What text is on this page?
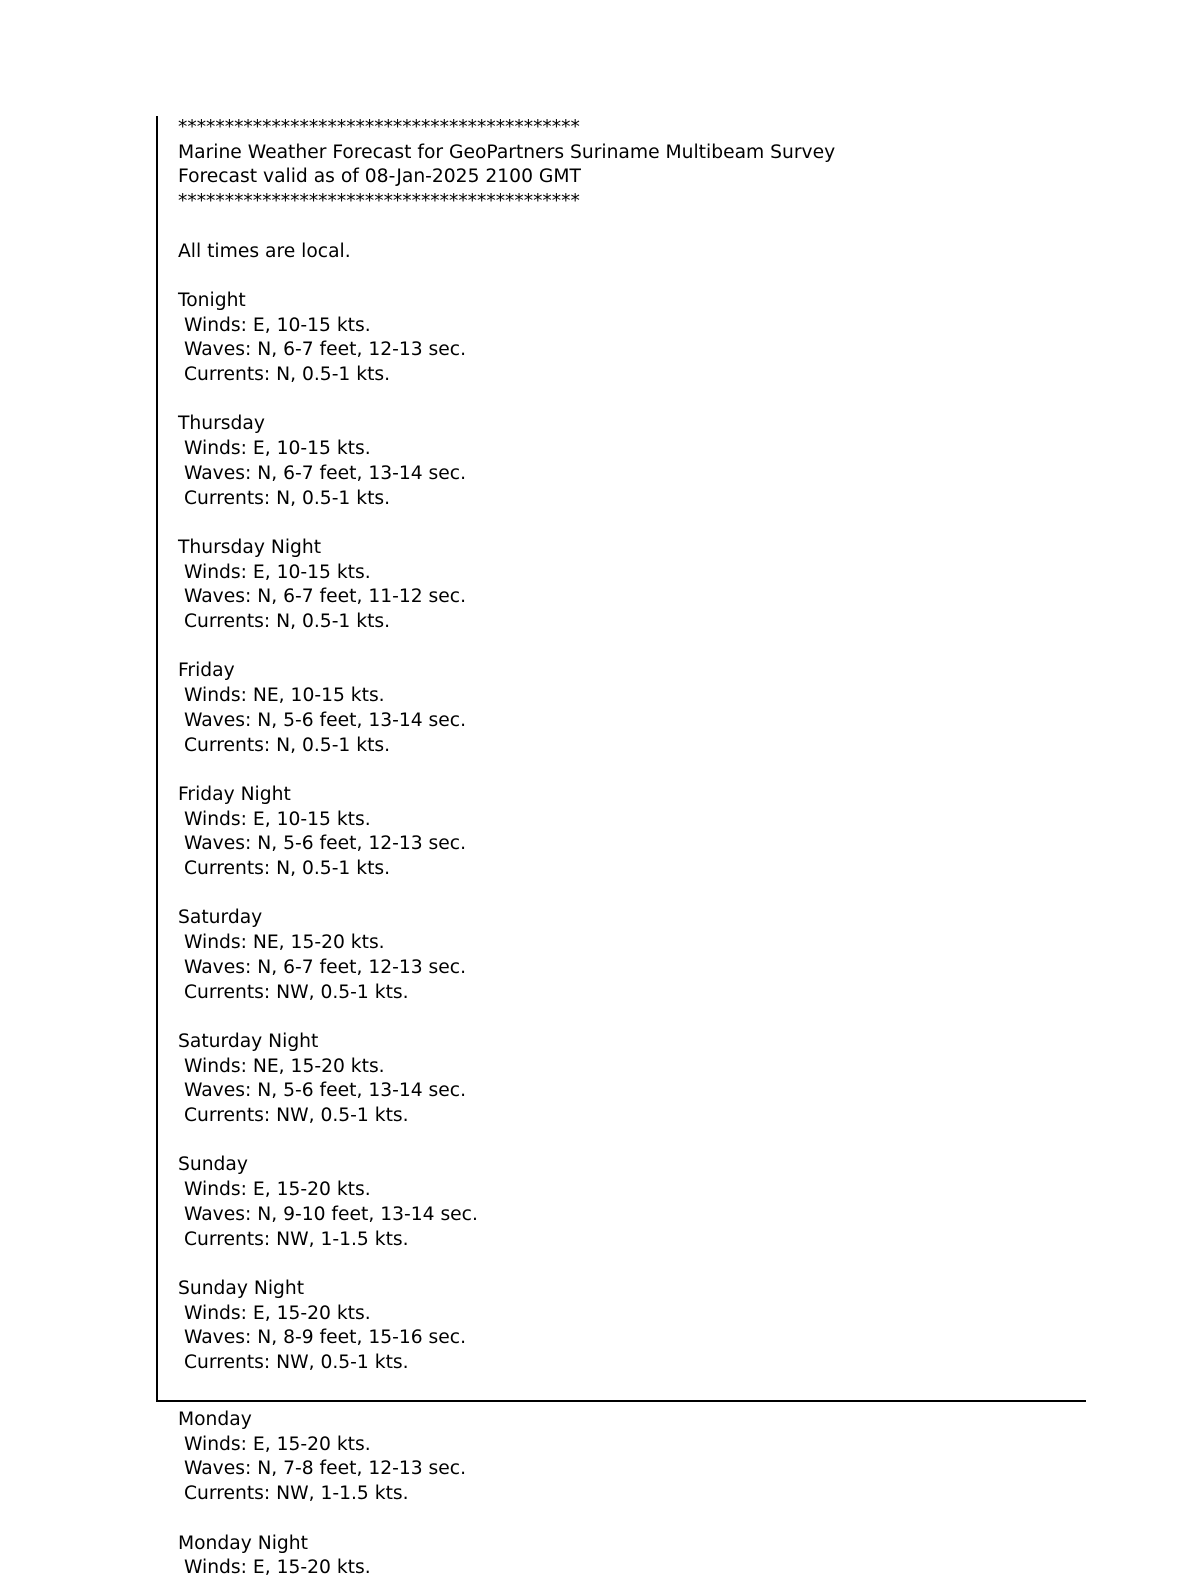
*******************************************
Marine Weather Forecast for GeoPartners Suriname Multibeam Survey
Forecast valid as of 08-Jan-2025 2100 GMT
*******************************************
All times are local.
Tonight
Winds: E, 10-15 kts.
Waves: N, 6-7 feet, 12-13 sec.
Currents: N, 0.5-1 kts.
Thursday
Winds: E, 10-15 kts.
Waves: N, 6-7 feet, 13-14 sec.
Currents: N, 0.5-1 kts.
Thursday Night
Winds: E, 10-15 kts.
Waves: N, 6-7 feet, 11-12 sec.
Currents: N, 0.5-1 kts.
Friday
Winds: NE, 10-15 kts.
Waves: N, 5-6 feet, 13-14 sec.
Currents: N, 0.5-1 kts.
Friday Night
Winds: E, 10-15 kts.
Waves: N, 5-6 feet, 12-13 sec.
Currents: N, 0.5-1 kts.
Saturday
Winds: NE, 15-20 kts.
Waves: N, 6-7 feet, 12-13 sec.
Currents: NW, 0.5-1 kts.
Saturday Night
Winds: NE, 15-20 kts.
Waves: N, 5-6 feet, 13-14 sec.
Currents: NW, 0.5-1 kts.
Sunday
Winds: E, 15-20 kts.
Waves: N, 9-10 feet, 13-14 sec.
Currents: NW, 1-1.5 kts.
Sunday Night
Winds: E, 15-20 kts.
Waves: N, 8-9 feet, 15-16 sec.
Currents: NW, 0.5-1 kts.
Monday
Winds: E, 15-20 kts.
Waves: N, 7-8 feet, 12-13 sec.
Currents: NW, 1-1.5 kts.
Monday Night
Winds: E, 15-20 kts.
